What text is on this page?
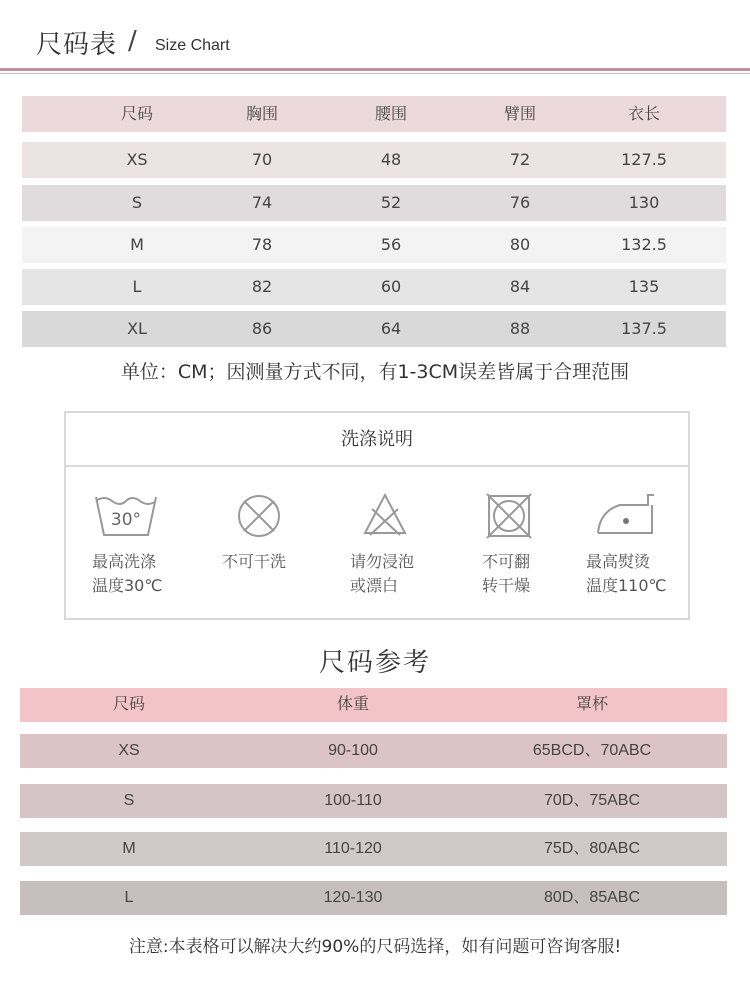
尺码表 / Size Chart
尺码	胸围	腰围	臂围	衣长
XS	70	48	72	127.5
S	74	52	76	130
M	78	56	80	132.5
L	82	60	84	135
XL	86	64	88	137.5
单位：CM；因测量方式不同，有1-3CM误差皆属于合理范围
洗涤说明
30°
最高洗涤
温度30℃
不可干洗	请勿浸泡
或漂白
不可翻
转干燥
最高熨烫
温度110℃
尺码参考
尺码	体重	罩杯
XS	90-100	65BCD、70ABC
S	100-110	70D、75ABC
M	110-120	75D、80ABC
L	120-130	80D、85ABC
注意:本表格可以解决大约90%的尺码选择，如有问题可咨询客服!
